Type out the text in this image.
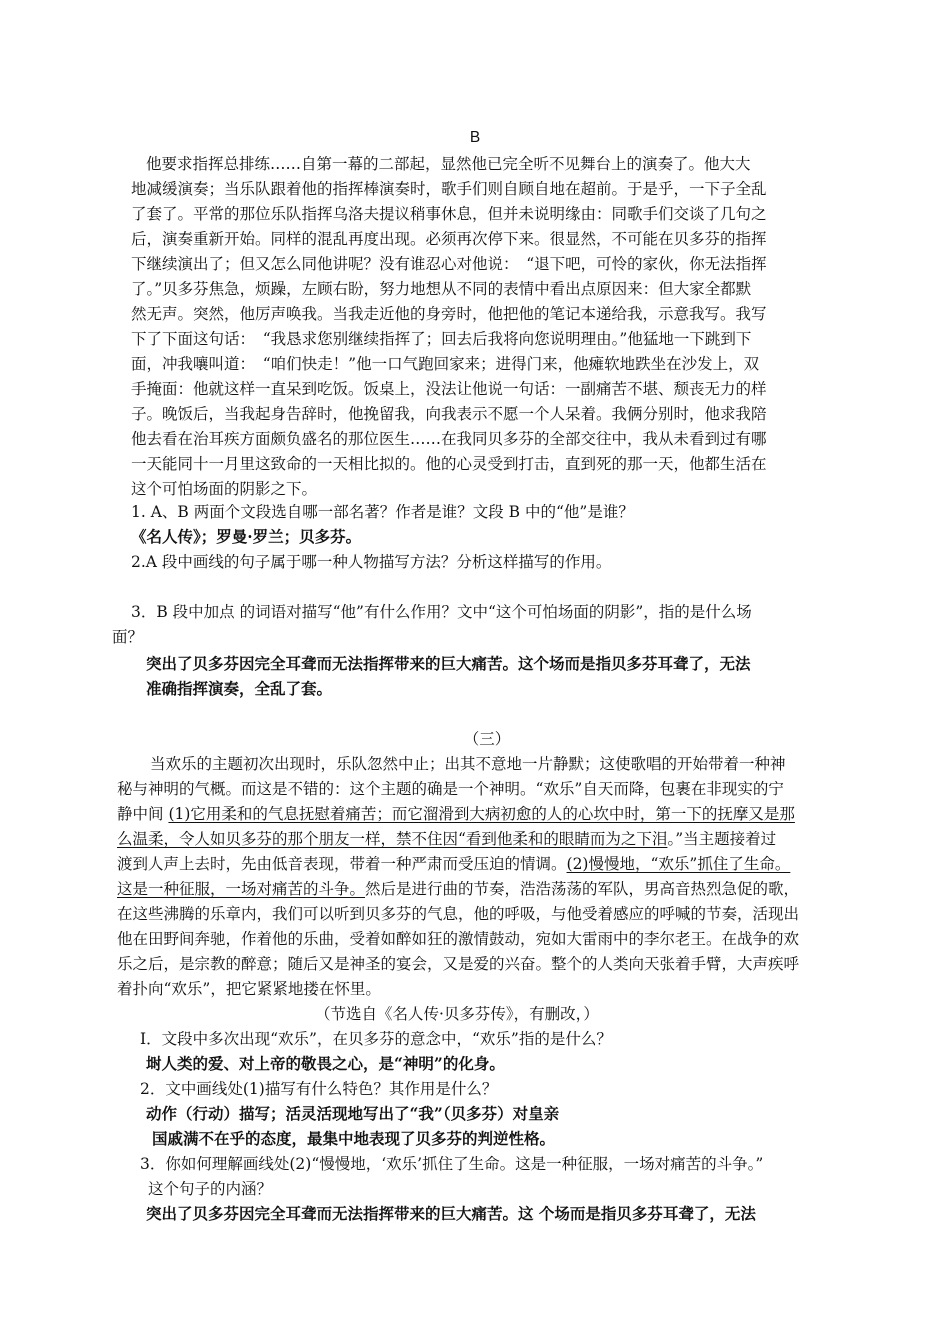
B
他要求指挥总排练……自第一幕的二部起，显然他已完全听不见舞台上的演奏了。他大大
地减缓演奏；当乐队跟着他的指挥棒演奏时，歌手们则自顾自地在超前。于是乎，一下子全乱
了套了。平常的那位乐队指挥乌洛夫提议稍事休息，但并未说明缘由：同歌手们交谈了几句之
后，演奏重新开始。同样的混乱再度出现。必须再次停下来。很显然，不可能在贝多芬的指挥
下继续演出了；但又怎么同他讲呢？没有谁忍心对他说：　“退下吧，可怜的家伙，你无法指挥
了。”贝多芬焦急，烦躁，左顾右盼，努力地想从不同的表情中看出点原因来：但大家全都默
然无声。突然，他厉声唤我。当我走近他的身旁时，他把他的笔记本递给我，示意我写。我写
下了下面这句话：　“我恳求您别继续指挥了；回去后我将向您说明理由。”他猛地一下跳到下
面，冲我嚷叫道：　“咱们快走！”他一口气跑回家来；进得门来，他瘫软地跌坐在沙发上，双
手掩面：他就这样一直呆到吃饭。饭桌上，没法让他说一句话：一副痛苦不堪、颓丧无力的样
子。晚饭后，当我起身告辞时，他挽留我，向我表示不愿一个人呆着。我俩分别时，他求我陪
他去看在治耳疾方面颇负盛名的那位医生……在我同贝多芬的全部交往中，我从未看到过有哪
一天能同十一月里这致命的一天相比拟的。他的心灵受到打击，直到死的那一天，他都生活在
这个可怕场面的阴影之下。
1. A、B 两面个文段选自哪一部名著？作者是谁？文段 B 中的“他”是谁？
《名人传》；罗曼·罗兰；贝多芬。
2.A 段中画线的句子属于哪一种人物描写方法？分析这样描写的作用。
3．B 段中加点 的词语对描写“他”有什么作用？文中“这个可怕场面的阴影”，指的是什么场
面？
突出了贝多芬因完全耳聋而无法指挥带来的巨大痛苦。这个场而是指贝多芬耳聋了，无法
准确指挥演奏，全乱了套。
（三）
当欢乐的主题初次出现时，乐队忽然中止；出其不意地一片静默；这使歌唱的开始带着一种神
秘与神明的气概。而这是不错的：这个主题的确是一个神明。“欢乐”自天而降，包裹在非现实的宁
静中间 (1)它用柔和的气息抚慰着痛苦；而它溜滑到大病初愈的人的心坎中时，第一下的抚摩又是那
么温柔，令人如贝多芬的那个朋友一样，禁不住因“看到他柔和的眼睛而为之下泪。”当主题接着过
渡到人声上去时，先由低音表现，带着一种严肃而受压迫的情调。(2)慢慢地，“欢乐”抓住了生命。
这是一种征服，一场对痛苦的斗争。然后是进行曲的节奏，浩浩荡荡的军队，男高音热烈急促的歌，
在这些沸腾的乐章内，我们可以听到贝多芬的气息，他的呼吸，与他受着感应的呼喊的节奏，活现出
他在田野间奔驰，作着他的乐曲，受着如醉如狂的激情鼓动，宛如大雷雨中的李尔老王。在战争的欢
乐之后，是宗教的醉意；随后又是神圣的宴会，又是爱的兴奋。整个的人类向天张着手臂，大声疾呼
着扑向“欢乐”，把它紧紧地搂在怀里。
（节选自《名人传·贝多芬传》，有删改，）
I．文段中多次出现“欢乐”，在贝多芬的意念中，“欢乐”指的是什么？
埘人类的爱、对上帝的敬畏之心，是“神明”的化身。
2．文中画线处(1)描写有什么特色？其作用是什么？
动作（行动）描写；活灵活现地写出了“我”（贝多芬）对皇亲
国戚满不在乎的态度，最集中地表现了贝多芬的判逆性格。
3．你如何理解画线处(2)“慢慢地，‘欢乐’抓住了生命。这是一种征服，一场对痛苦的斗争。”
这个句子的内涵？
突出了贝多芬因完全耳聋而无法指挥带来的巨大痛苦。这 个场而是指贝多芬耳聋了，无法
